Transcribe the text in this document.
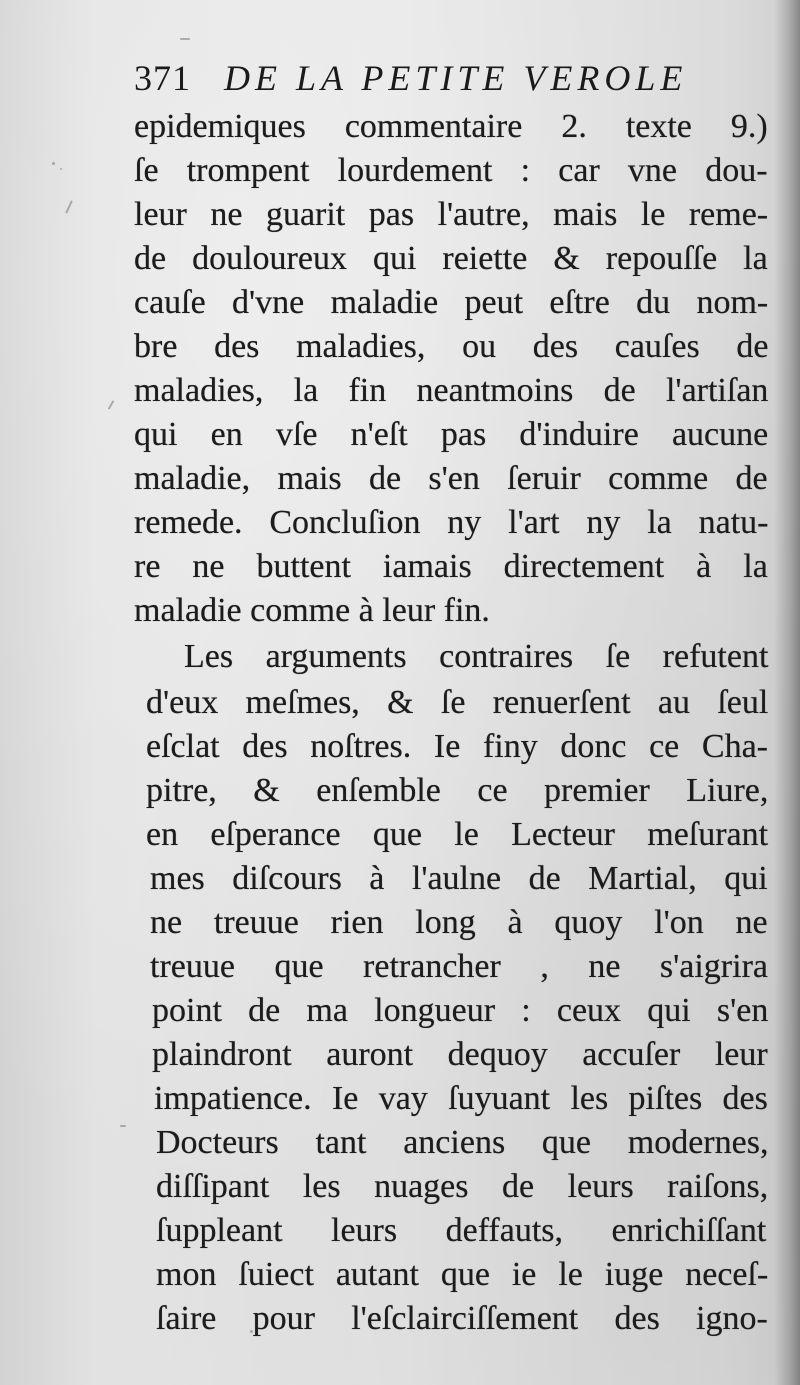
371 DE LA PETITE VEROLE
epidemiques commentaire 2. texte 9.)
ſe trompent lourdement : car vne dou-
leur ne guarit pas l'autre, mais le reme-
de douloureux qui reiette & repouſſe la
cauſe d'vne maladie peut eſtre du nom-
bre des maladies, ou des cauſes de
maladies, la fin neantmoins de l'artiſan
qui en vſe n'eſt pas d'induire aucune
maladie, mais de s'en ſeruir comme de
remede. Concluſion ny l'art ny la natu-
re ne buttent iamais directement à la
maladie comme à leur fin.
Les arguments contraires ſe refutent
d'eux meſmes, & ſe renuerſent au ſeul
eſclat des noſtres. Ie finy donc ce Cha-
pitre, & enſemble ce premier Liure,
en eſperance que le Lecteur meſurant
mes diſcours à l'aulne de Martial, qui
ne treuue rien long à quoy l'on ne
treuue que retrancher , ne s'aigrira
point de ma longueur : ceux qui s'en
plaindront auront dequoy accuſer leur
impatience. Ie vay ſuyuant les piſtes des
Docteurs tant anciens que modernes,
diſſipant les nuages de leurs raiſons,
ſuppleant leurs deffauts, enrichiſſant
mon ſuiect autant que ie le iuge neceſ-
ſaire pour l'eſclairciſſement des igno-
